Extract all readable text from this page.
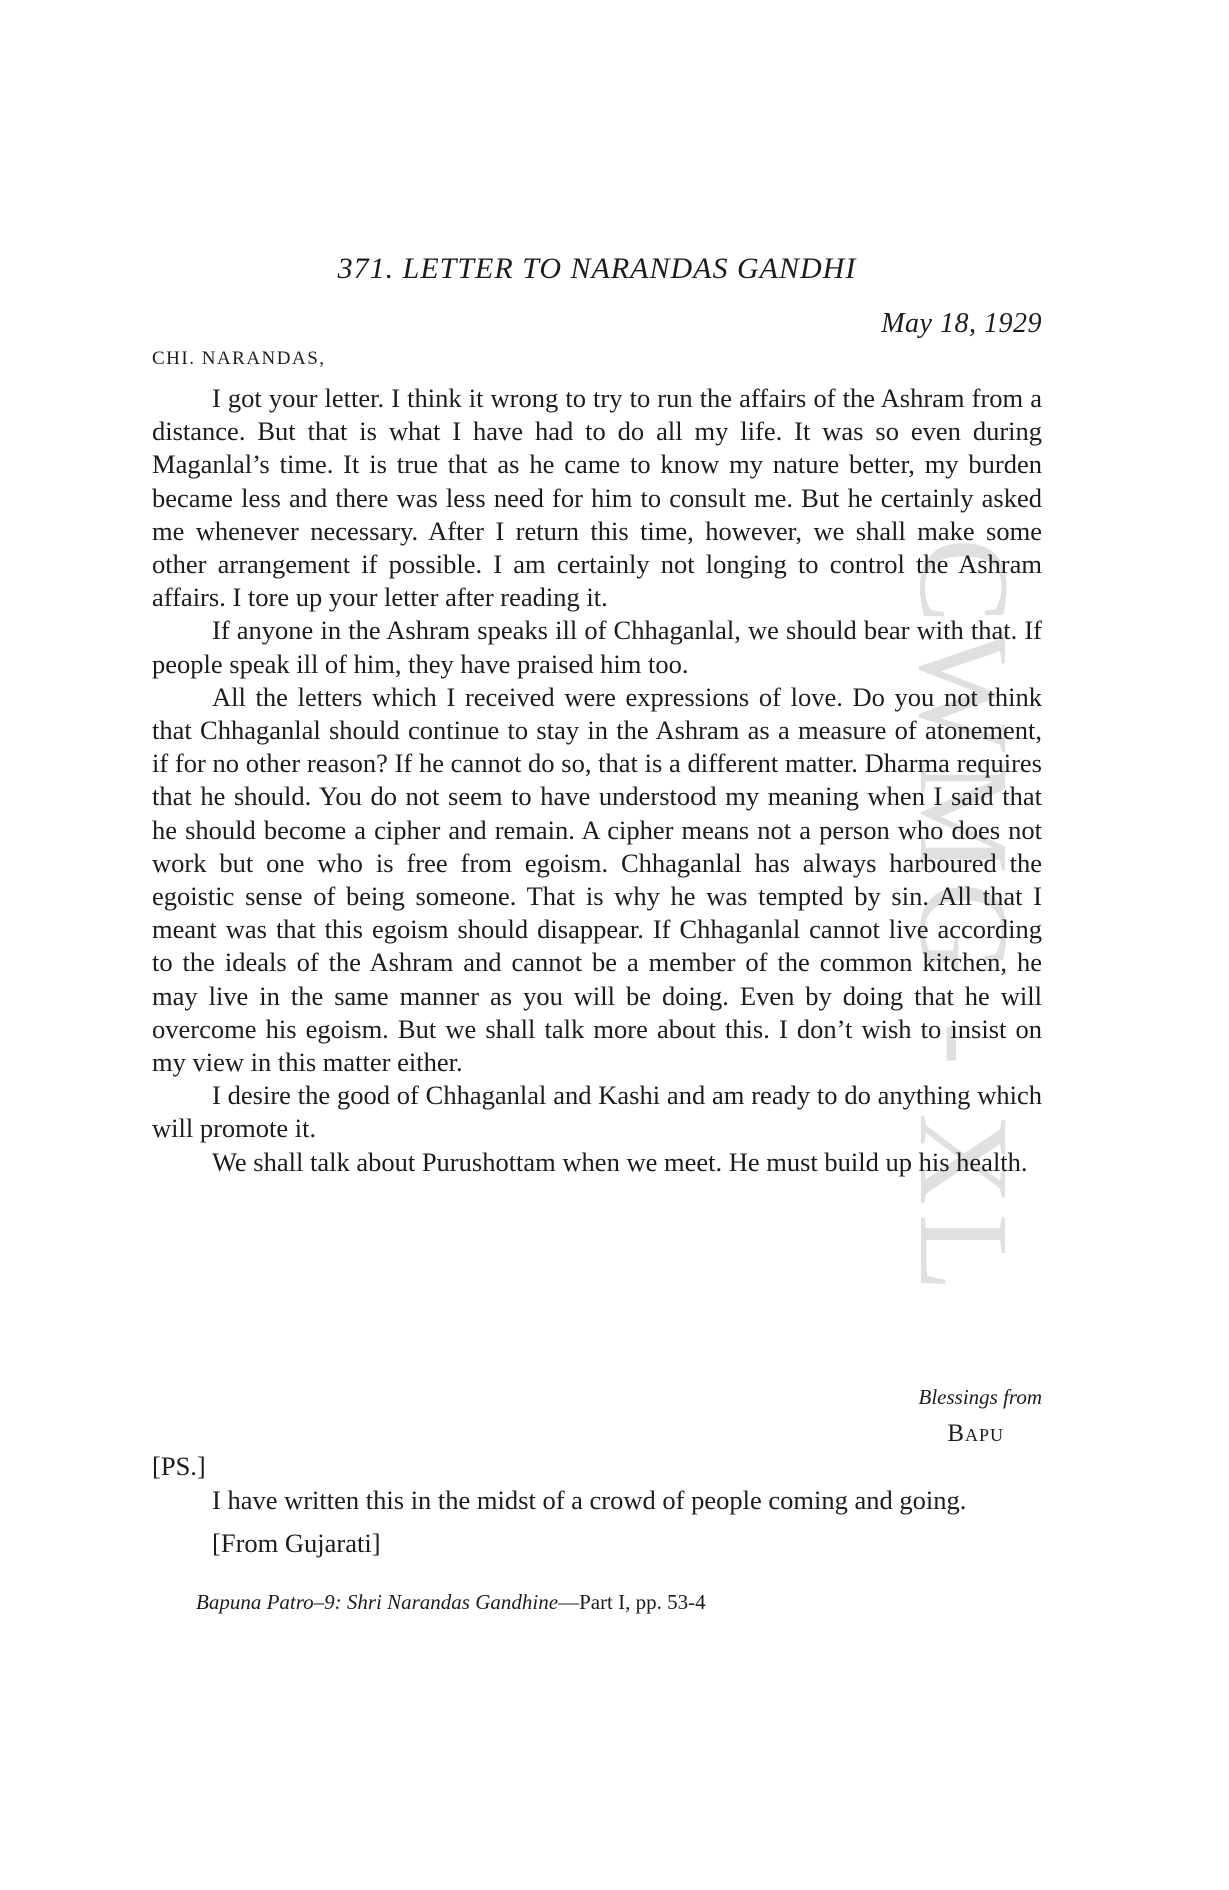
CWMG - XL
371. LETTER TO NARANDAS GANDHI
May 18, 1929
CHI. NARANDAS,

I got your letter. I think it wrong to try to run the affairs of the Ashram from a distance. But that is what I have had to do all my life. It was so even during Maganlal’s time. It is true that as he came to know my nature better, my burden became less and there was less need for him to consult me. But he certainly asked me whenever necessary. After I return this time, however, we shall make some other arrangement if possible. I am certainly not longing to control the Ashram affairs. I tore up your letter after reading it.

If anyone in the Ashram speaks ill of Chhaganlal, we should bear with that. If people speak ill of him, they have praised him too.

All the letters which I received were expressions of love. Do you not think that Chhaganlal should continue to stay in the Ashram as a measure of atonement, if for no other reason? If he cannot do so, that is a different matter. Dharma requires that he should. You do not seem to have understood my meaning when I said that he should become a cipher and remain. A cipher means not a person who does not work but one who is free from egoism. Chhaganlal has always harboured the egoistic sense of being someone. That is why he was tempted by sin. All that I meant was that this egoism should disappear. If Chhaganlal cannot live according to the ideals of the Ashram and cannot be a member of the common kitchen, he may live in the same manner as you will be doing. Even by doing that he will overcome his egoism. But we shall talk more about this. I don’t wish to insist on my view in this matter either.

I desire the good of Chhaganlal and Kashi and am ready to do anything which will promote it.

We shall talk about Purushottam when we meet. He must build up his health.

Blessings from
Bapu
[PS.]

I have written this in the midst of a crowd of people coming and going.

[From Gujarati]
Bapuna Patro–9: Shri Narandas Gandhine—Part I, pp. 53-4
